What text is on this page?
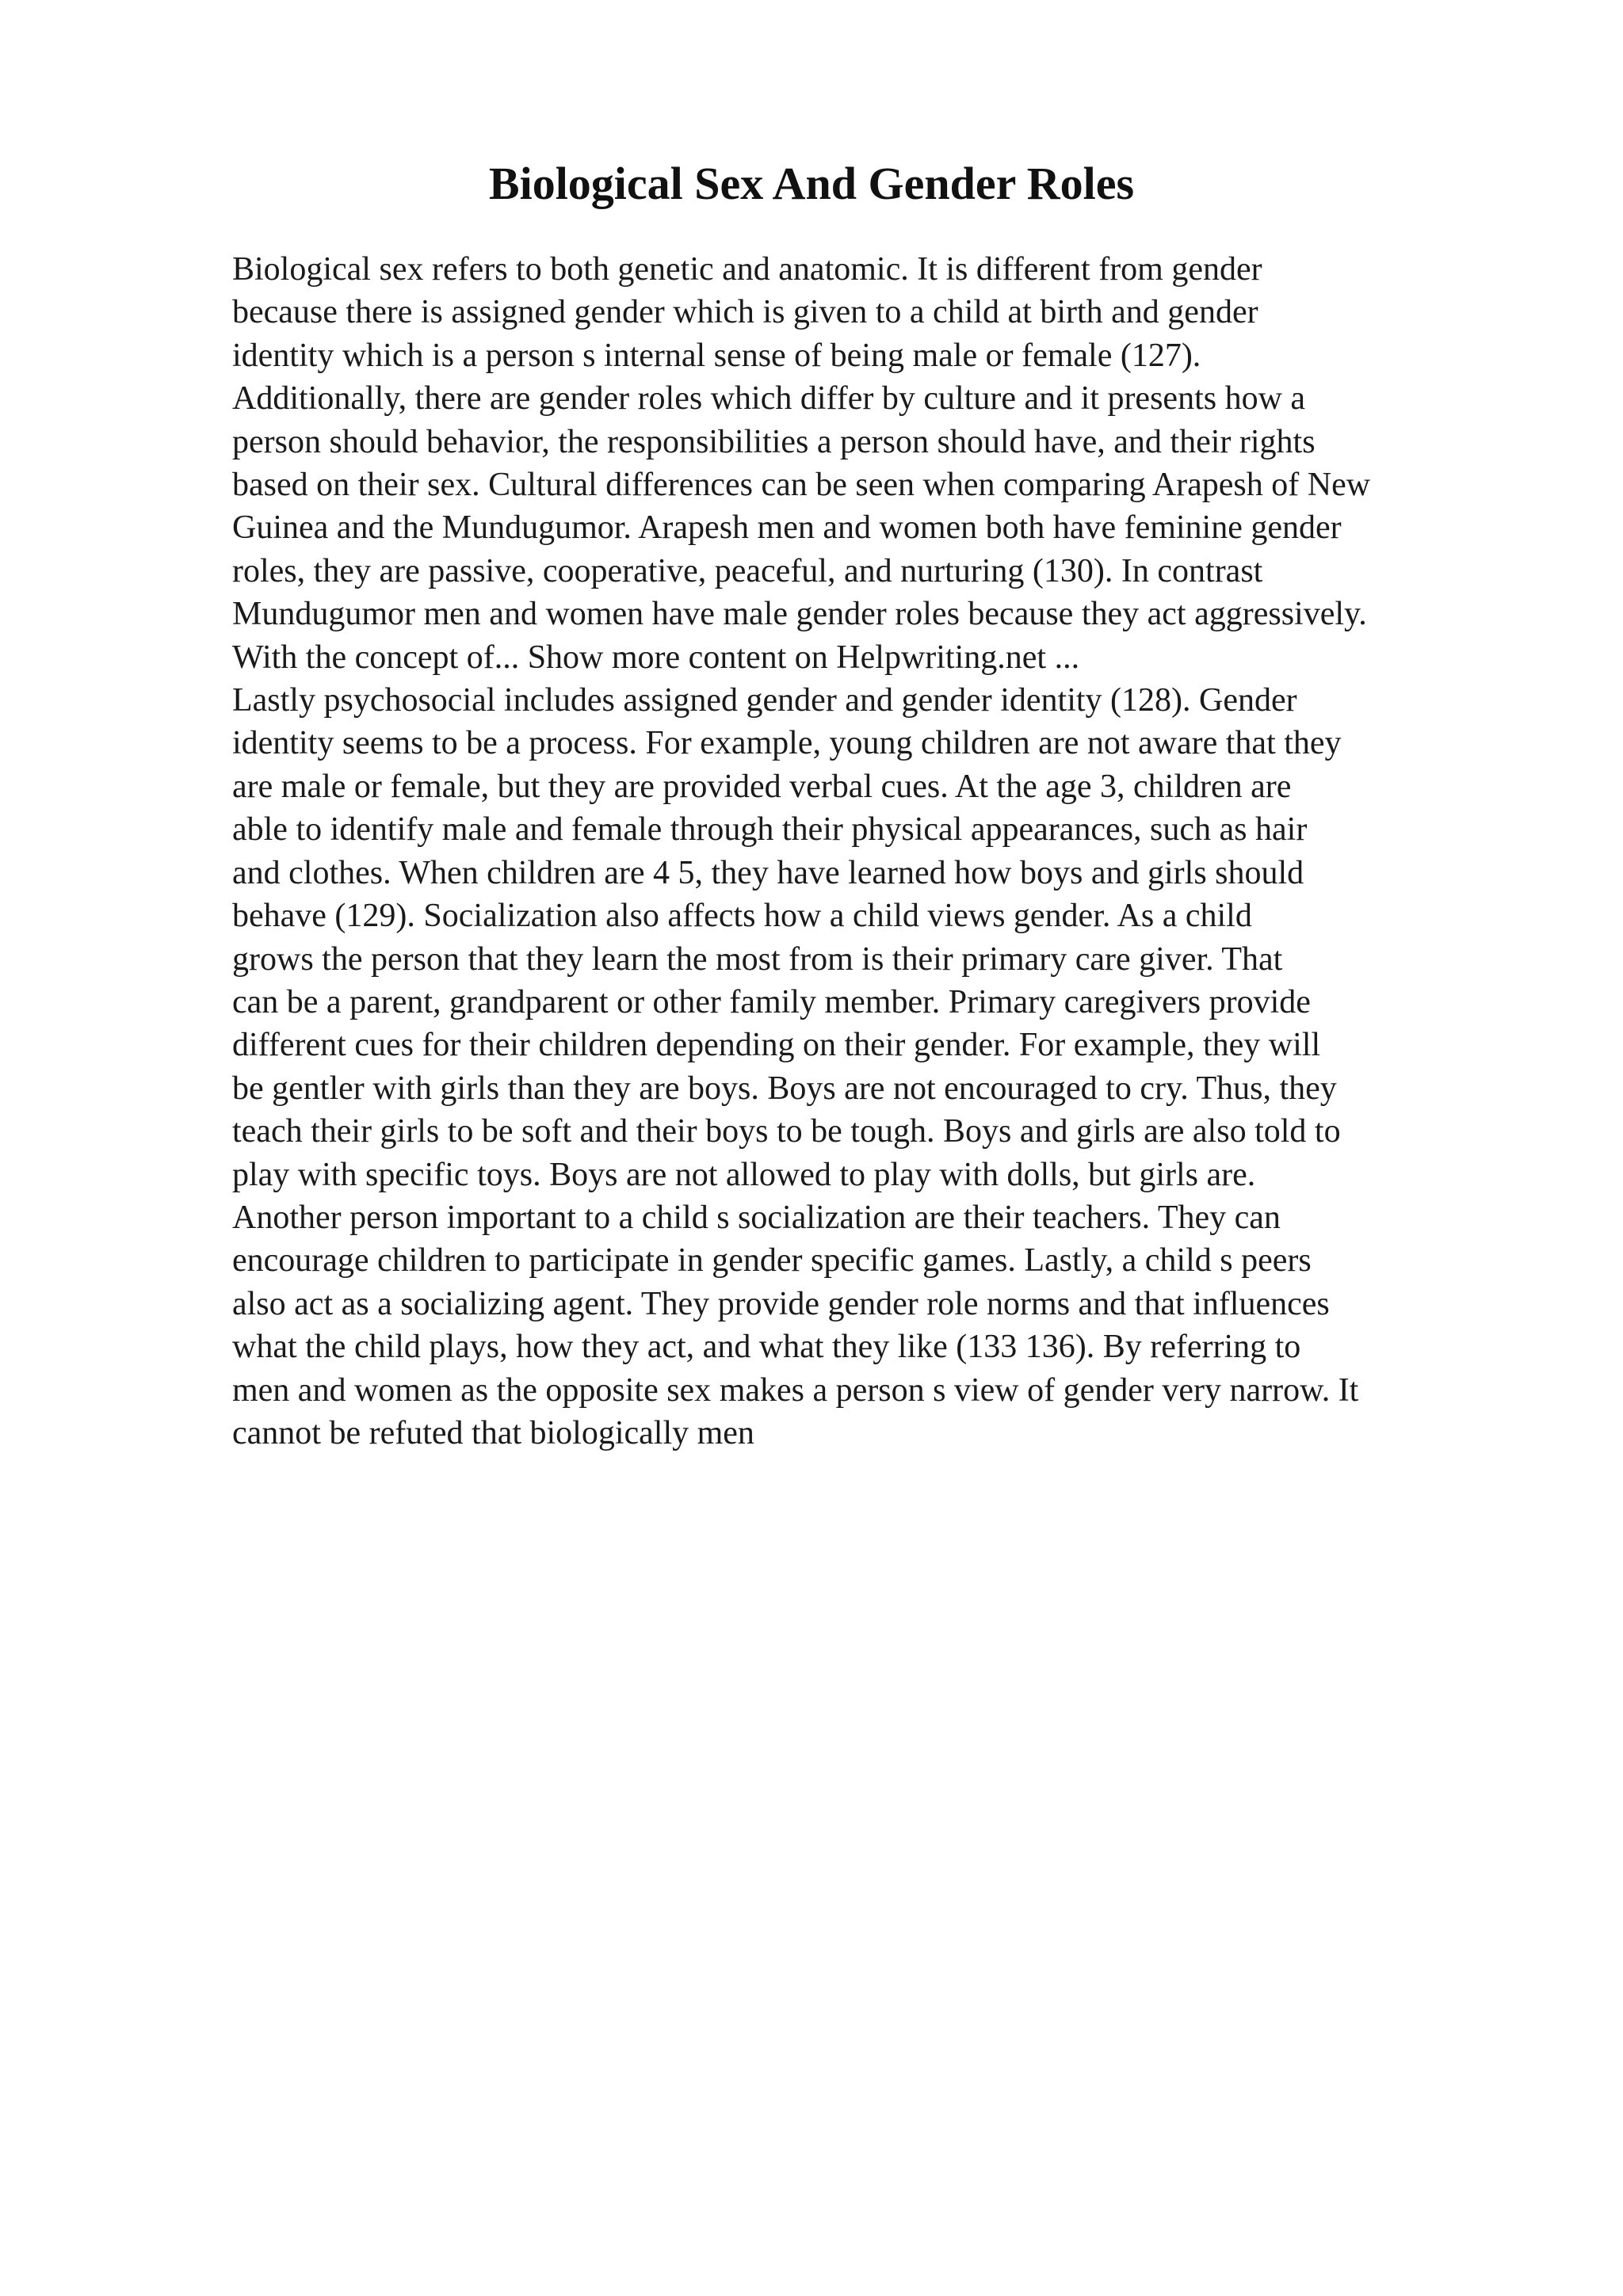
Biological Sex And Gender Roles
Biological sex refers to both genetic and anatomic. It is different from gender
because there is assigned gender which is given to a child at birth and gender
identity which is a person s internal sense of being male or female (127).
Additionally, there are gender roles which differ by culture and it presents how a
person should behavior, the responsibilities a person should have, and their rights
based on their sex. Cultural differences can be seen when comparing Arapesh of New
Guinea and the Mundugumor. Arapesh men and women both have feminine gender
roles, they are passive, cooperative, peaceful, and nurturing (130). In contrast
Mundugumor men and women have male gender roles because they act aggressively.
With the concept of... Show more content on Helpwriting.net ...
Lastly psychosocial includes assigned gender and gender identity (128). Gender
identity seems to be a process. For example, young children are not aware that they
are male or female, but they are provided verbal cues. At the age 3, children are
able to identify male and female through their physical appearances, such as hair
and clothes. When children are 4 5, they have learned how boys and girls should
behave (129). Socialization also affects how a child views gender. As a child
grows the person that they learn the most from is their primary care giver. That
can be a parent, grandparent or other family member. Primary caregivers provide
different cues for their children depending on their gender. For example, they will
be gentler with girls than they are boys. Boys are not encouraged to cry. Thus, they
teach their girls to be soft and their boys to be tough. Boys and girls are also told to
play with specific toys. Boys are not allowed to play with dolls, but girls are.
Another person important to a child s socialization are their teachers. They can
encourage children to participate in gender specific games. Lastly, a child s peers
also act as a socializing agent. They provide gender role norms and that influences
what the child plays, how they act, and what they like (133 136). By referring to
men and women as the opposite sex makes a person s view of gender very narrow. It
cannot be refuted that biologically men
